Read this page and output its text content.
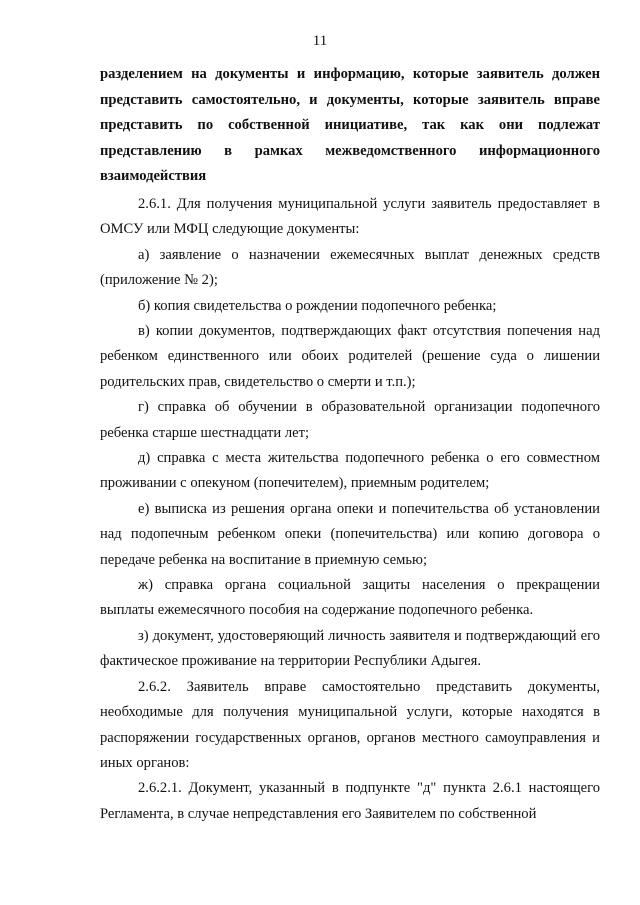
11

разделением на документы и информацию, которые заявитель должен представить самостоятельно, и документы, которые заявитель вправе представить по собственной инициативе, так как они подлежат представлению в рамках межведомственного информационного взаимодействия

2.6.1. Для получения муниципальной услуги заявитель предоставляет в ОМСУ или МФЦ следующие документы:

а) заявление о назначении ежемесячных выплат денежных средств (приложение № 2);

б) копия свидетельства о рождении подопечного ребенка;

в) копии документов, подтверждающих факт отсутствия попечения над ребенком единственного или обоих родителей (решение суда о лишении родительских прав, свидетельство о смерти и т.п.);

г) справка об обучении в образовательной организации подопечного ребенка старше шестнадцати лет;

д) справка с места жительства подопечного ребенка о его совместном проживании с опекуном (попечителем), приемным родителем;

е) выписка из решения органа опеки и попечительства об установлении над подопечным ребенком опеки (попечительства) или копию договора о передаче ребенка на воспитание в приемную семью;

ж) справка органа социальной защиты населения о прекращении выплаты ежемесячного пособия на содержание подопечного ребенка.

з) документ, удостоверяющий личность заявителя и подтверждающий его фактическое проживание на территории Республики Адыгея.

2.6.2. Заявитель вправе самостоятельно представить документы, необходимые для получения муниципальной услуги, которые находятся в распоряжении государственных органов, органов местного самоуправления и иных органов:

2.6.2.1. Документ, указанный в подпункте "д" пункта 2.6.1 настоящего Регламента, в случае непредставления его Заявителем по собственной
